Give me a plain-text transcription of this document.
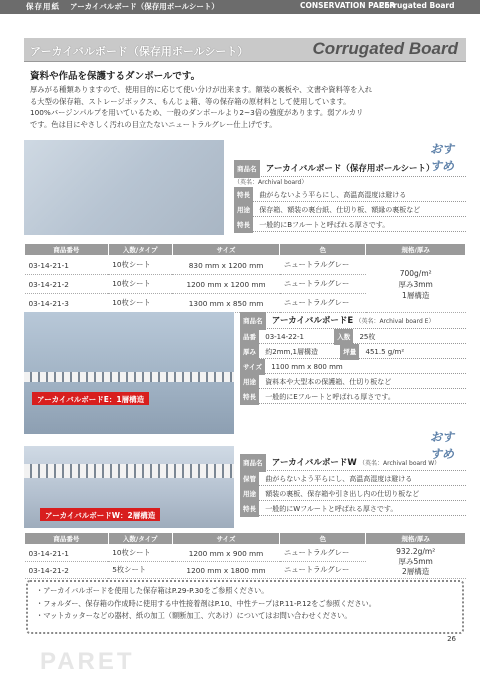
保存用紙 アーカイバルボード（保存用ボールシート）	CONSERVATION PAPER
Corrugated Board
アーカイバルボード（保存用ボールシート）	Corrugated Board
資料や作品を保護するダンボールです。

厚みがる種類ありますので、使用目的に応じて使い分けが出来ます。額装の裏板や、文書や資料等を入れ

る大型の保存箱、ストレージボックス、もんじょ箱、等の保存箱の原材料として使用しています。

100%バージンパルプを用いているため、一般のダンボールより2~3倍の強度があります。弱アルカリ

です。色は目にやさしく汚れの目立たないニュートラルグレー仕上げです。

おすすめ
商品名 アーカイバルボード（保存用ボールシート）
（英名：Archival board）
特長 曲がらないよう平らにし、高温高湿度は避ける
用途 保存箱、額装の裏台紙、仕切り板、額縁の裏板など
特長 一般的にBフルートと呼ばれる厚さです。
商品番号	入数/タイプ	サイズ	色	規格/厚み
03-14-21-1	10枚シート	830 mm x 1200 mm	ニュートラルグレー	700g/m²
厚み3mm
1層構造

03-14-21-2	10枚シート	1200 mm x 1200 mm	ニュートラルグレー	
03-14-21-3	10枚シート	1300 mm x 850 mm	ニュートラルグレー	
アーカイバルボードE：1層構造
商品名 アーカイバルボードE （英名：Archival board E）
品番 03-14-22-1	入数 25枚
厚み 約2mm,1層構造	坪量 451.5 g/m²
サイズ 1100 mm x 800 mm
用途 資料本や大型本の保護箱、仕切り板など
特長 一般的にEフルートと呼ばれる厚さです。
アーカイバルボードW：2層構造
おすすめ
商品名 アーカイバルボードW （英名：Archival board W）
保管 曲がらないよう平らにし、高温高湿度は避ける
用途 額装の裏板、保存箱や引き出し内の仕切り板など
特長 一般的にWフルートと呼ばれる厚さです。
商品番号	入数/タイプ	サイズ	色	規格/厚み
03-14-21-1	10枚シート	1200 mm x 900 mm	ニュートラルグレー	932.2g/m²
厚み5mm
2層構造

03-14-21-2	5枚シート	1200 mm x 1800 mm	ニュートラルグレー	

・アーカイバルボードを使用した保存箱はP.29-P.30をご参照ください。

・フォルダー、保存箱の作成時に使用する中性接着剤はP.10、中性テープはP.11-P.12をご参照ください。

・マットカッターなどの器材、紙の加工（額断加工、穴あけ）についてはお問い合わせください。

26
PARET
